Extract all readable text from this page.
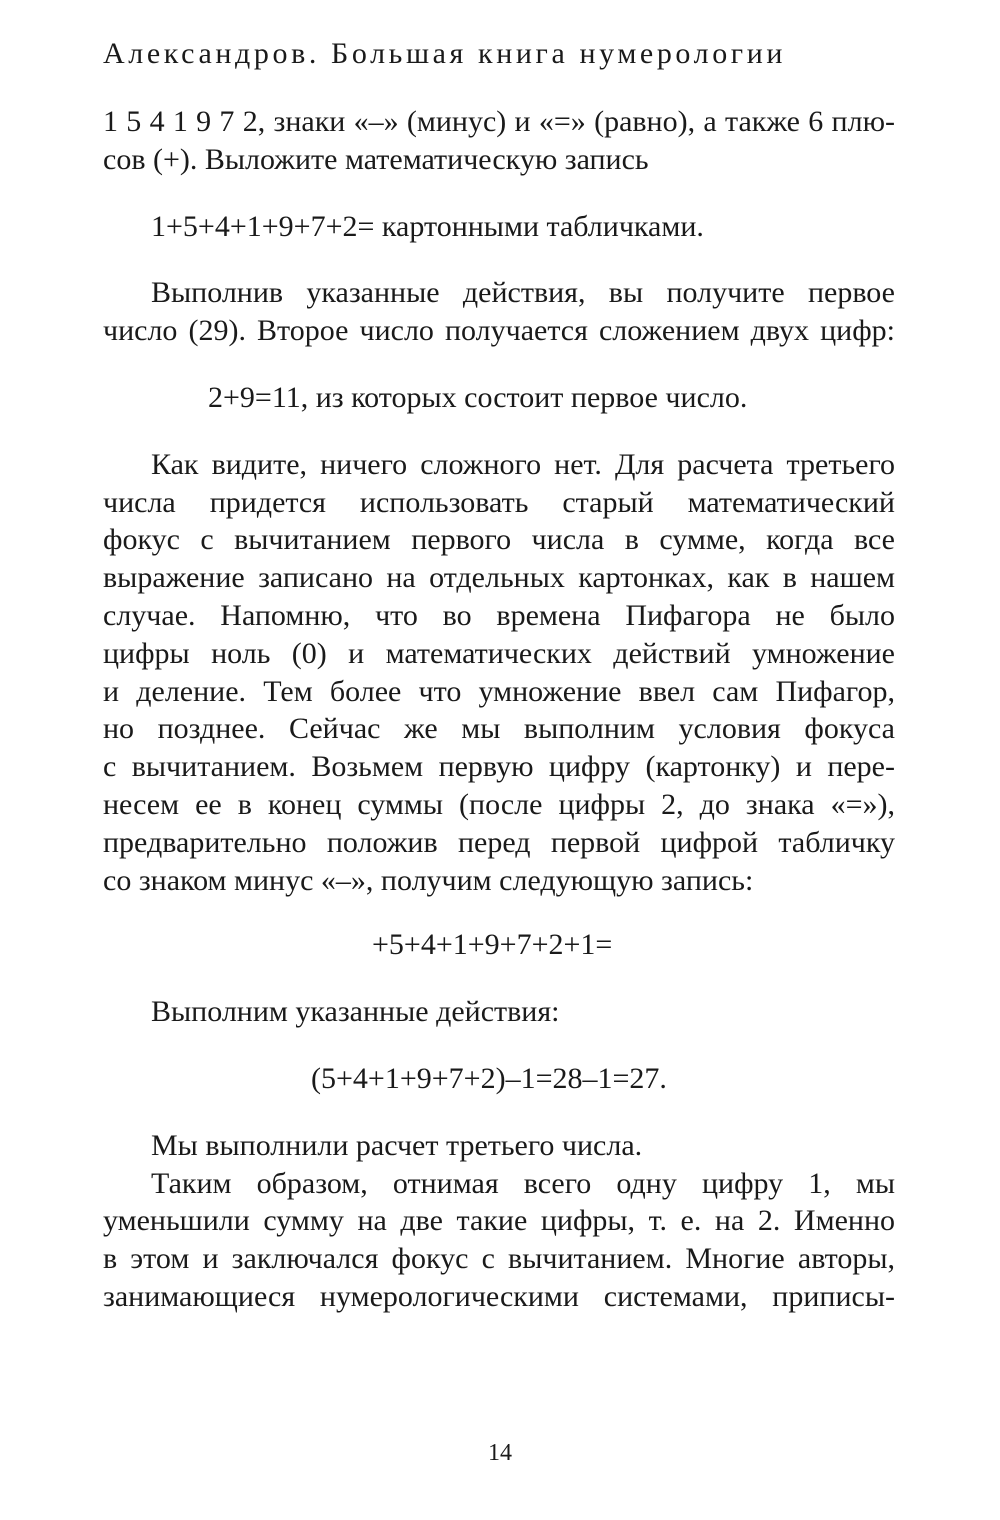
Александров. Большая книга нумерологии
1 5 4 1 9 7 2, знаки «–» (минус) и «=» (равно), а также 6 плю-
сов (+). Выложите математическую запись
1+5+4+1+9+7+2= картонными табличками.
Выполнив указанные действия, вы получите первое
число (29). Второе число получается сложением двух цифр:
2+9=11, из которых состоит первое число.
Как видите, ничего сложного нет. Для расчета третьего
числа придется использовать старый математический
фокус с вычитанием первого числа в сумме, когда все
выражение записано на отдельных картонках, как в нашем
случае. Напомню, что во времена Пифагора не было
цифры ноль (0) и математических действий умножение
и деление. Тем более что умножение ввел сам Пифагор,
но позднее. Сейчас же мы выполним условия фокуса
с вычитанием. Возьмем первую цифру (картонку) и пере-
несем ее в конец суммы (после цифры 2, до знака «=»),
предварительно положив перед первой цифрой табличку
со знаком минус «–», получим следующую запись:
+5+4+1+9+7+2+1=
Выполним указанные действия:
(5+4+1+9+7+2)–1=28–1=27.
Мы выполнили расчет третьего числа.
Таким образом, отнимая всего одну цифру 1, мы
уменьшили сумму на две такие цифры, т. е. на 2. Именно
в этом и заключался фокус с вычитанием. Многие авторы,
занимающиеся нумерологическими системами, приписы-
14
